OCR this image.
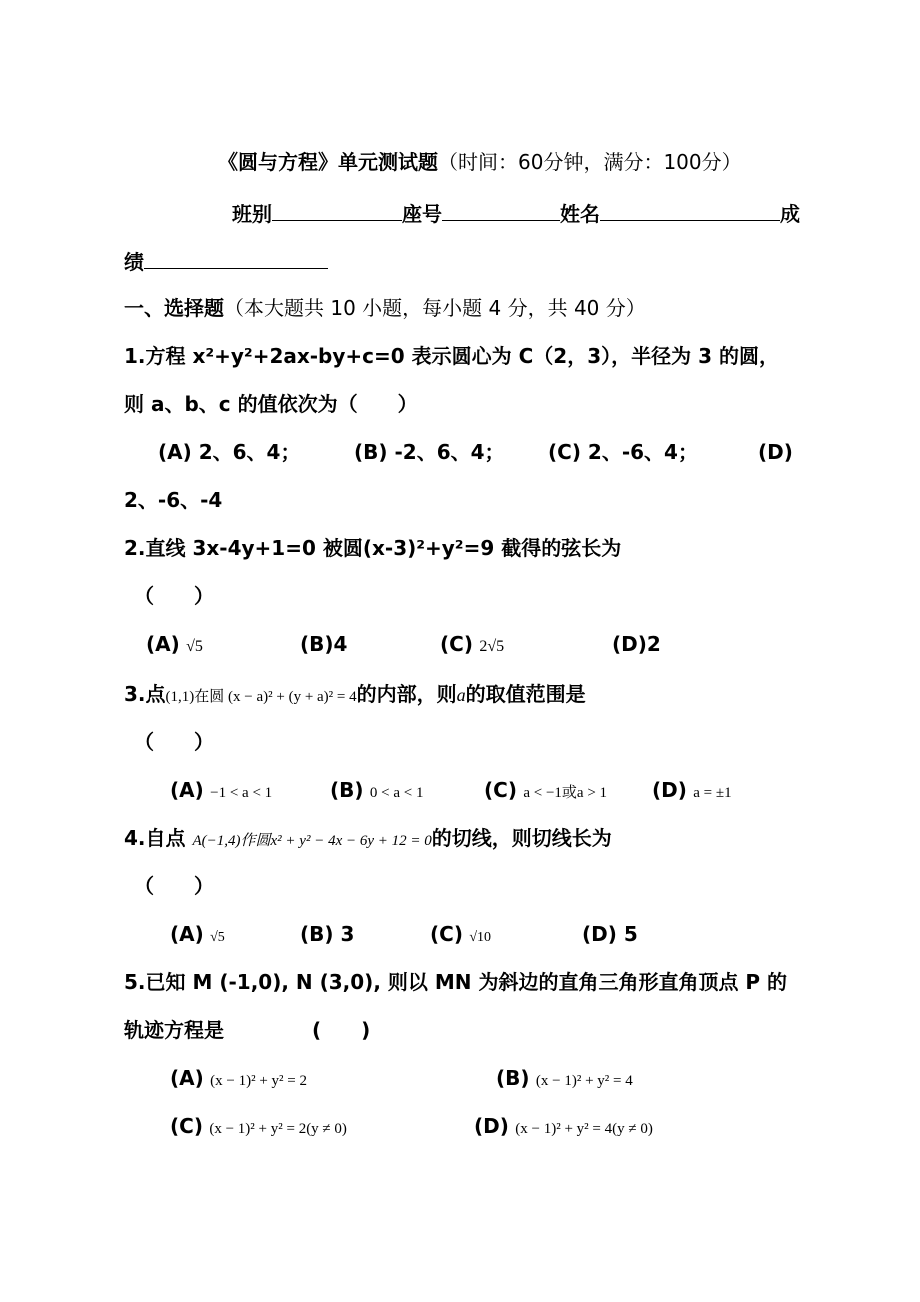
《圆与方程》单元测试题（时间：60分钟，满分：100分）
班别	座号	姓名	成
绩
一、选择题（本大题共 10 小题，每小题 4 分，共 40 分）
1.方程 x²+y²+2ax-by+c=0 表示圆心为 C（2，3），半径为 3 的圆，
则 a、b、c 的值依次为（　　）
(A) 2、6、4；	(B) -2、6、4； (C) 2、-6、4；	(D)
2、-6、-4
2.直线 3x-4y+1=0 被圆(x-3)²+y²=9 截得的弦长为
（　　）
(A) √5	(B)4	(C) 2√5	(D)2
3.点(1,1)在圆 (x − a)² + (y + a)² = 4的内部，则a的取值范围是
（　　）
(A) −1 < a < 1	(B) 0 < a < 1	(C) a < −1或a > 1 (D) a = ±1
4.自点 A(−1,4)作圆x² + y² − 4x − 6y + 12 = 0的切线，则切线长为
（　　）
(A) √5	(B) 3	(C) √10	(D) 5
5.已知 M (-1,0), N (3,0), 则以 MN 为斜边的直角三角形直角顶点 P 的
轨迹方程是	(　　)
(A) (x − 1)² + y² = 2	(B) (x − 1)² + y² = 4
(C) (x − 1)² + y² = 2(y ≠ 0)	(D) (x − 1)² + y² = 4(y ≠ 0)
